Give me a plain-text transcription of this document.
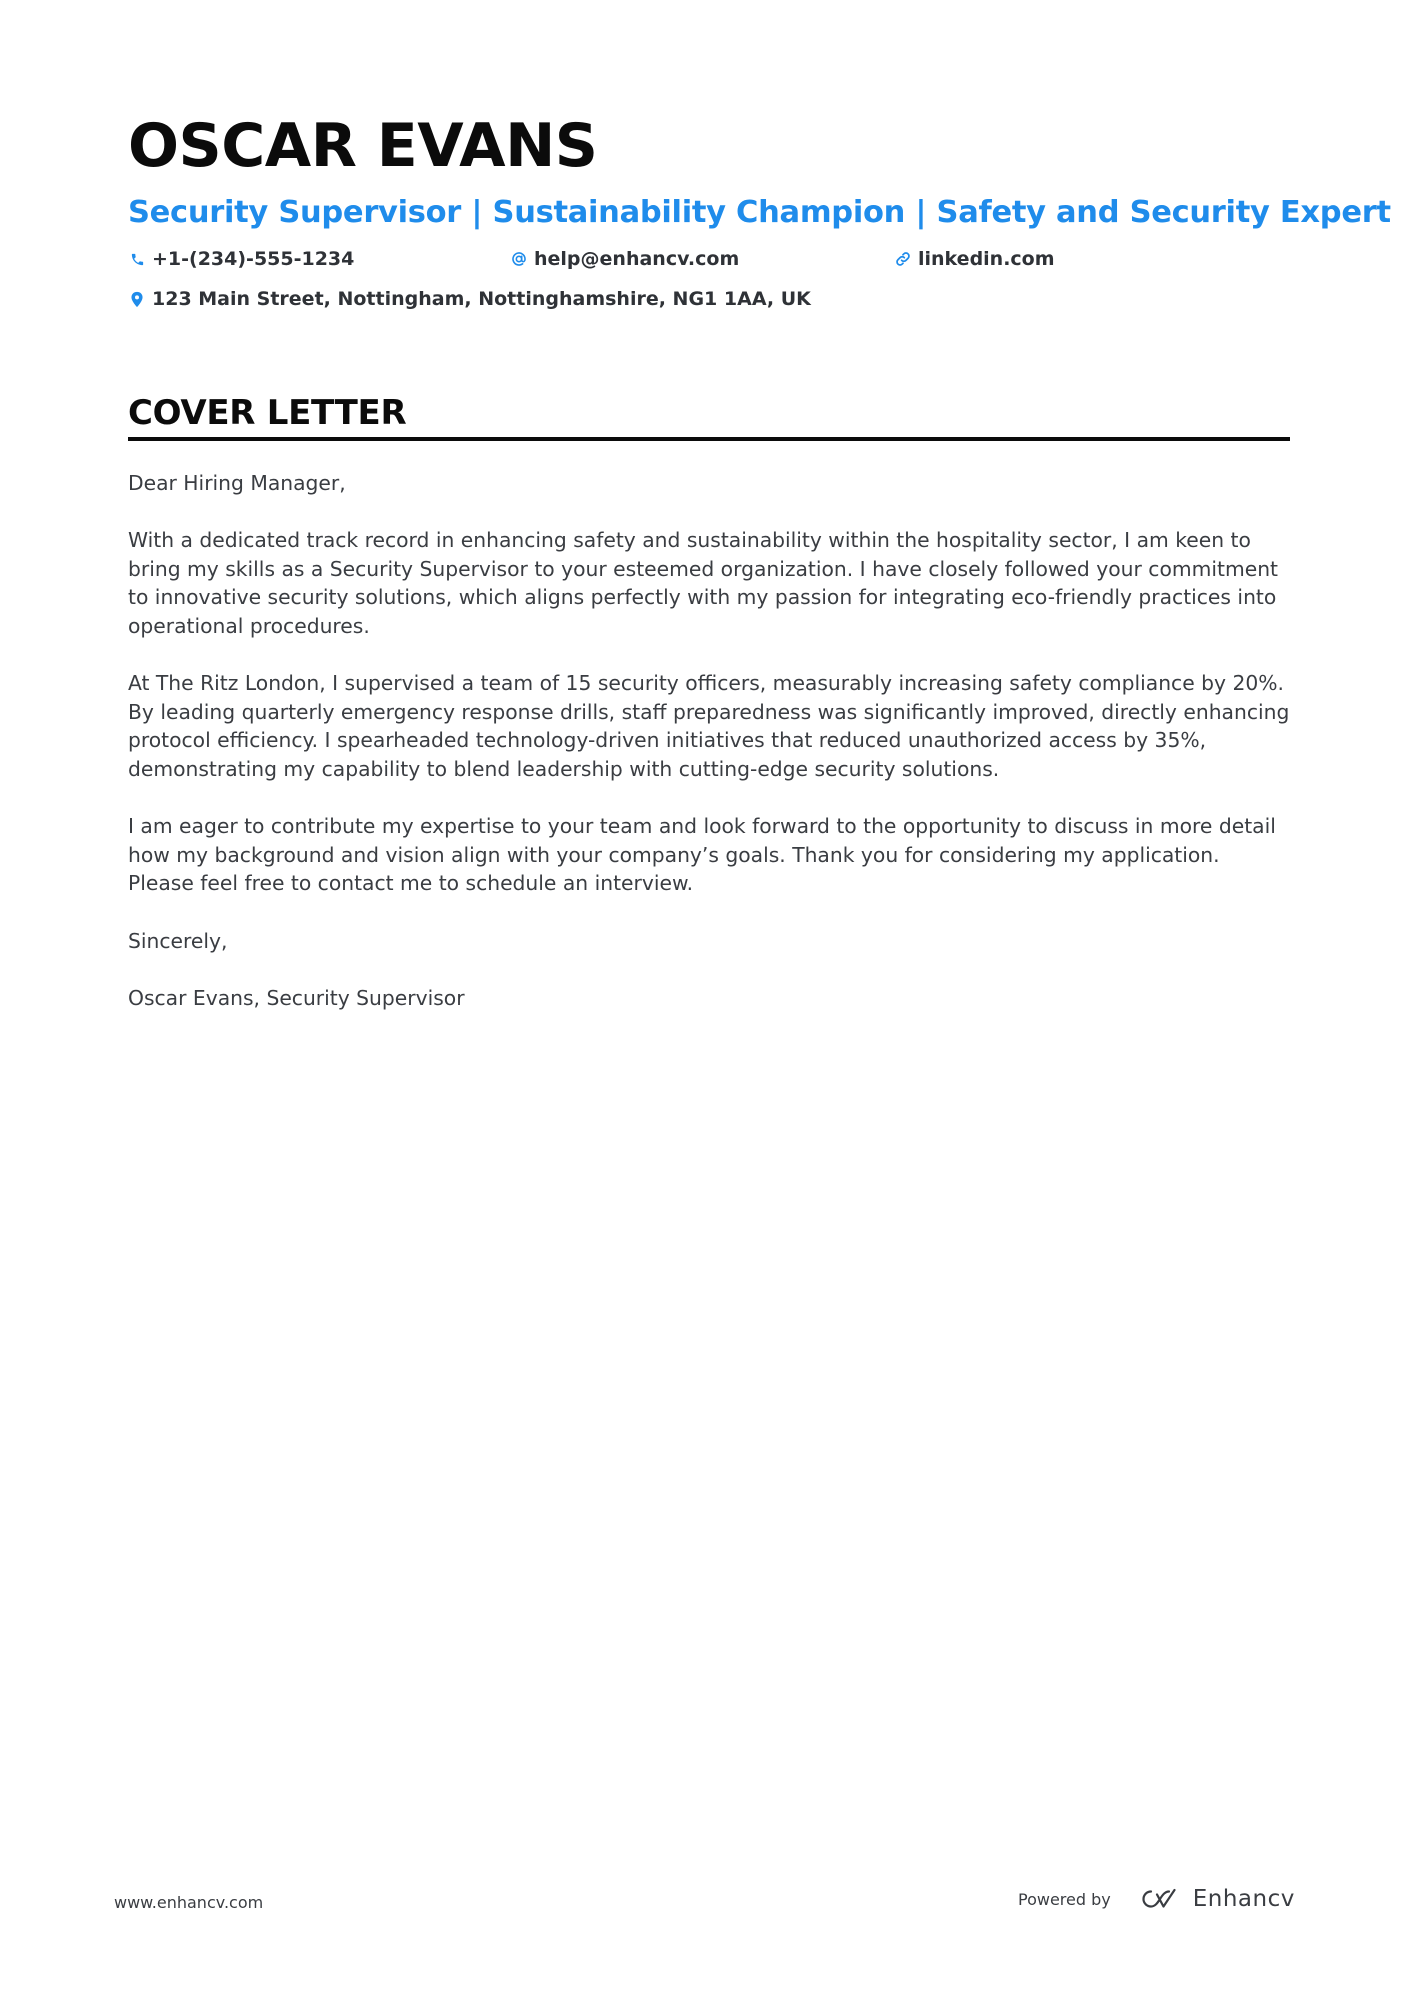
OSCAR EVANS
Security Supervisor | Sustainability Champion | Safety and Security Expert
+1-(234)-555-1234	help@enhancv.com	linkedin.com
123 Main Street, Nottingham, Nottinghamshire, NG1 1AA, UK
COVER LETTER

Dear Hiring Manager,

With a dedicated track record in enhancing safety and sustainability within the hospitality sector, I am keen to bring my skills as a Security Supervisor to your esteemed organization. I have closely followed your commitment to innovative security solutions, which aligns perfectly with my passion for integrating eco-friendly practices into operational procedures.

At The Ritz London, I supervised a team of 15 security officers, measurably increasing safety compliance by 20%. By leading quarterly emergency response drills, staff preparedness was significantly improved, directly enhancing protocol efficiency. I spearheaded technology-driven initiatives that reduced unauthorized access by 35%, demonstrating my capability to blend leadership with cutting-edge security solutions.

I am eager to contribute my expertise to your team and look forward to the opportunity to discuss in more detail how my background and vision align with your company’s goals. Thank you for considering my application. Please feel free to contact me to schedule an interview.

Sincerely,

Oscar Evans, Security Supervisor

www.enhancv.com	Powered by	Enhancv
